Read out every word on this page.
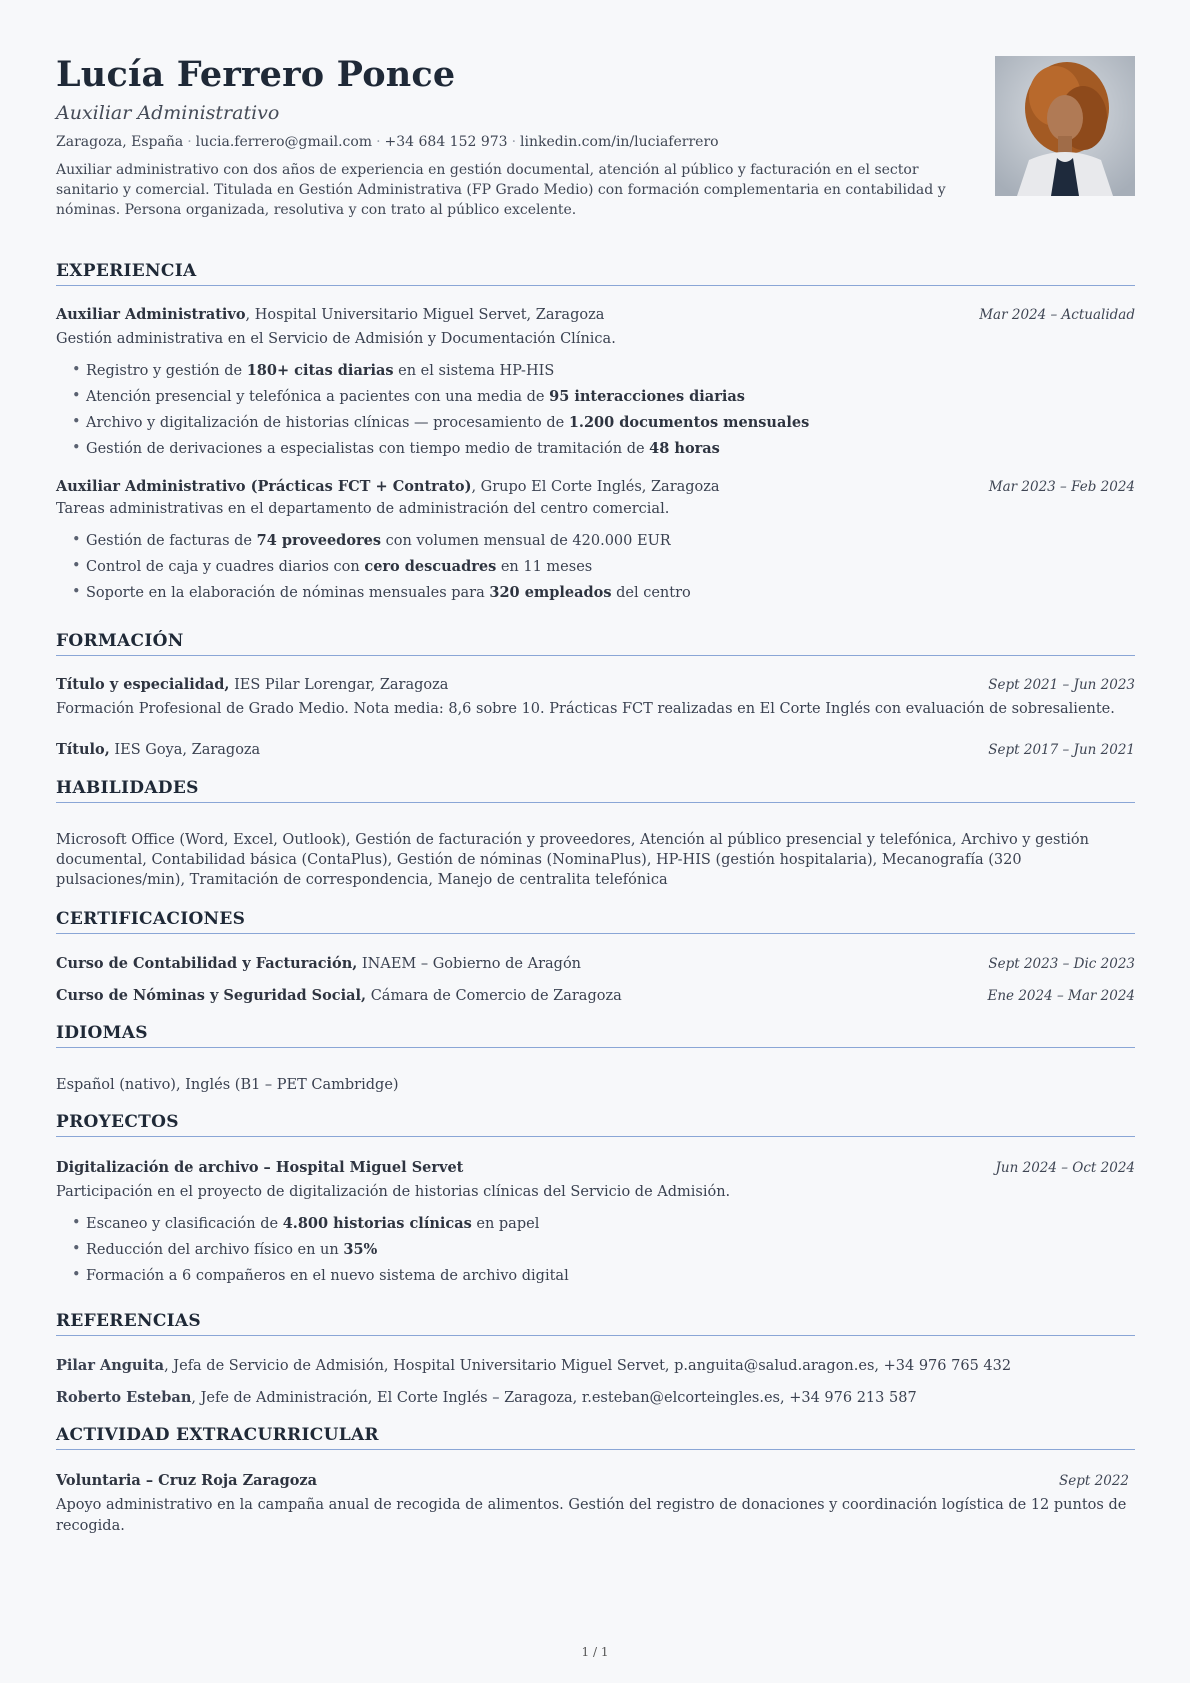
Lucía Ferrero Ponce
Auxiliar Administrativo
Zaragoza, España · lucia.ferrero@gmail.com · +34 684 152 973 · linkedin.com/in/luciaferrero
Auxiliar administrativo con dos años de experiencia en gestión documental, atención al público y facturación en el sector sanitario y comercial. Titulada en Gestión Administrativa (FP Grado Medio) con formación complementaria en contabilidad y nóminas. Persona organizada, resolutiva y con trato al público excelente.
EXPERIENCIA
Auxiliar Administrativo, Hospital Universitario Miguel Servet, Zaragoza	Mar 2024 – Actualidad
Gestión administrativa en el Servicio de Admisión y Documentación Clínica.
• Registro y gestión de 180+ citas diarias en el sistema HP-HIS
• Atención presencial y telefónica a pacientes con una media de 95 interacciones diarias
• Archivo y digitalización de historias clínicas — procesamiento de 1.200 documentos mensuales
• Gestión de derivaciones a especialistas con tiempo medio de tramitación de 48 horas
Auxiliar Administrativo (Prácticas FCT + Contrato), Grupo El Corte Inglés, Zaragoza	Mar 2023 – Feb 2024
Tareas administrativas en el departamento de administración del centro comercial.
• Gestión de facturas de 74 proveedores con volumen mensual de 420.000 EUR
• Control de caja y cuadres diarios con cero descuadres en 11 meses
• Soporte en la elaboración de nóminas mensuales para 320 empleados del centro
FORMACIÓN
Título y especialidad, IES Pilar Lorengar, Zaragoza	Sept 2021 – Jun 2023
Formación Profesional de Grado Medio. Nota media: 8,6 sobre 10. Prácticas FCT realizadas en El Corte Inglés con evaluación de sobresaliente.
Título, IES Goya, Zaragoza	Sept 2017 – Jun 2021
HABILIDADES
Microsoft Office (Word, Excel, Outlook), Gestión de facturación y proveedores, Atención al público presencial y telefónica, Archivo y gestión documental, Contabilidad básica (ContaPlus), Gestión de nóminas (NominaPlus), HP-HIS (gestión hospitalaria), Mecanografía (320 pulsaciones/min), Tramitación de correspondencia, Manejo de centralita telefónica
CERTIFICACIONES
Curso de Contabilidad y Facturación, INAEM – Gobierno de Aragón	Sept 2023 – Dic 2023
Curso de Nóminas y Seguridad Social, Cámara de Comercio de Zaragoza	Ene 2024 – Mar 2024
IDIOMAS
Español (nativo), Inglés (B1 – PET Cambridge)
PROYECTOS
Digitalización de archivo – Hospital Miguel Servet	Jun 2024 – Oct 2024
Participación en el proyecto de digitalización de historias clínicas del Servicio de Admisión.
• Escaneo y clasificación de 4.800 historias clínicas en papel
• Reducción del archivo físico en un 35%
• Formación a 6 compañeros en el nuevo sistema de archivo digital
REFERENCIAS
Pilar Anguita, Jefa de Servicio de Admisión, Hospital Universitario Miguel Servet, p.anguita@salud.aragon.es, +34 976 765 432
Roberto Esteban, Jefe de Administración, El Corte Inglés – Zaragoza, r.esteban@elcorteingles.es, +34 976 213 587
ACTIVIDAD EXTRACURRICULAR
Voluntaria – Cruz Roja Zaragoza	Sept 2022
Apoyo administrativo en la campaña anual de recogida de alimentos. Gestión del registro de donaciones y coordinación logística de 12 puntos de recogida.
1 / 1
